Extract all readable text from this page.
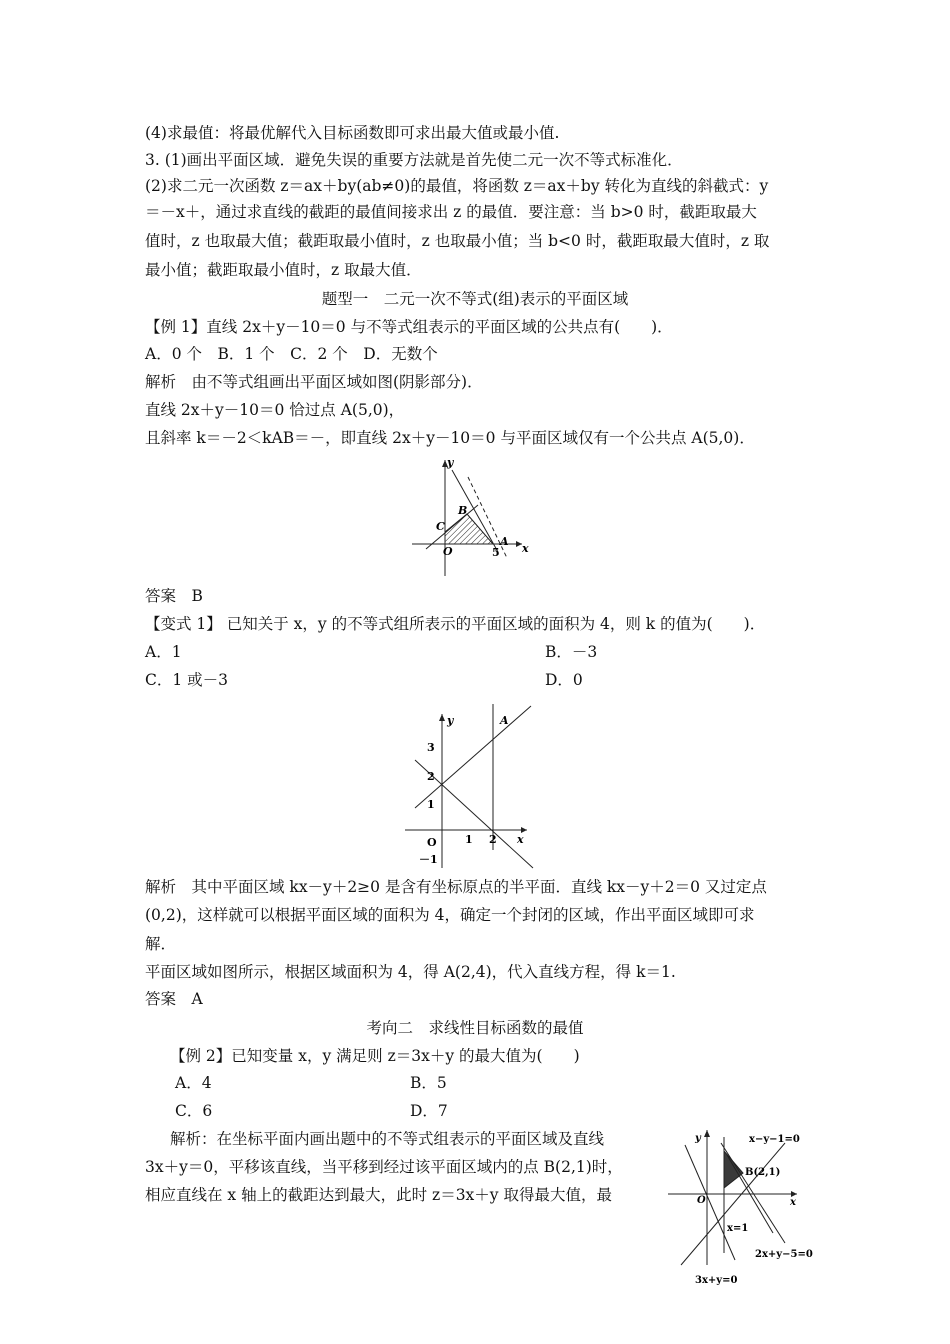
(4)求最值：将最优解代入目标函数即可求出最大值或最小值.
3. (1)画出平面区域．避免失误的重要方法就是首先使二元一次不等式标准化．
(2)求二元一次函数 z＝ax＋by(ab≠0)的最值，将函数 z＝ax＋by 转化为直线的斜截式：y
＝－x＋，通过求直线的截距的最值间接求出 z 的最值．要注意：当 b>0 时，截距取最大
值时，z 也取最大值；截距取最小值时，z 也取最小值；当 b<0 时，截距取最大值时，z 取
最小值；截距取最小值时，z 取最大值．
题型一　二元一次不等式(组)表示的平面区域
【例 1】直线 2x＋y－10＝0 与不等式组表示的平面区域的公共点有(　　)．
A．0 个　B．1 个　C．2 个　D．无数个
解析　由不等式组画出平面区域如图(阴影部分)．
直线 2x＋y－10＝0 恰过点 A(5,0)，
且斜率 k＝－2＜kAB＝－，即直线 2x＋y－10＝0 与平面区域仅有一个公共点 A(5,0)．
y
x
B
C
O	5
A
答案　B
【变式 1】 已知关于 x，y 的不等式组所表示的平面区域的面积为 4，则 k 的值为(　　)．
A．1	B．－3
C．1 或－3	D．0
y	A
3
2
1
O	1 2 x
－1
解析　其中平面区域 kx－y＋2≥0 是含有坐标原点的半平面．直线 kx－y＋2＝0 又过定点
(0,2)，这样就可以根据平面区域的面积为 4，确定一个封闭的区域，作出平面区域即可求
解．
平面区域如图所示，根据区域面积为 4，得 A(2,4)，代入直线方程，得 k＝1.
答案　A
考向二　求线性目标函数的最值
【例 2】已知变量 x，y 满足则 z＝3x＋y 的最大值为(　　)
A．4	B．5
C．6	D．7
解析：在坐标平面内画出题中的不等式组表示的平面区域及直线
3x＋y＝0，平移该直线，当平移到经过该平面区域内的点 B(2,1)时，
相应直线在 x 轴上的截距达到最大，此时 z＝3x＋y 取得最大值，最
y	x−y−1=0
B(2,1)
O	x
x=1
2x+y−5=0
3x+y=0
